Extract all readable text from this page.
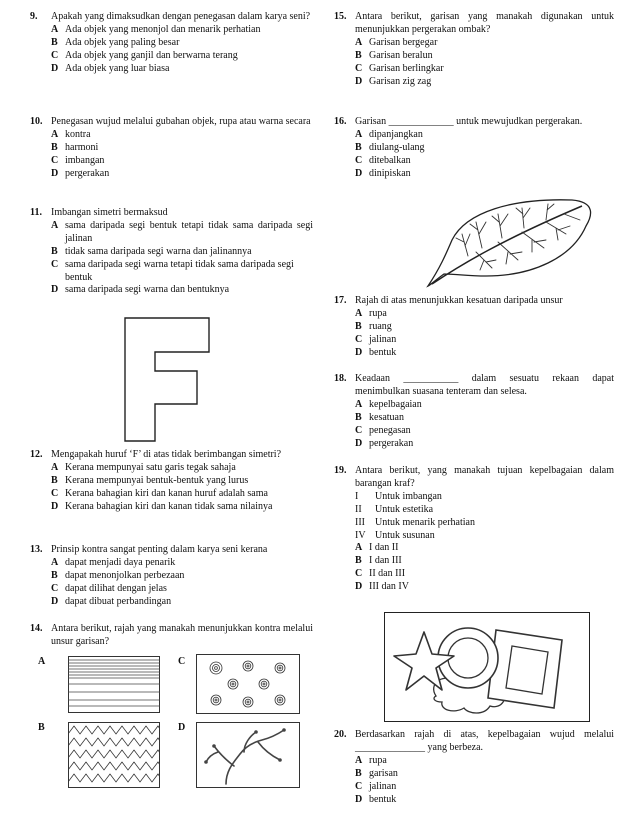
9. Apakah yang dimaksudkan dengan penegasan dalam karya seni?
A Ada objek yang menonjol dan menarik perhatian
B Ada objek yang paling besar
C Ada objek yang ganjil dan berwarna terang
D Ada objek yang luar biasa
10. Penegasan wujud melalui gubahan objek, rupa atau warna secara
A kontra
B harmoni
C imbangan
D pergerakan
11. Imbangan simetri bermaksud
A sama daripada segi bentuk tetapi tidak sama daripada segi jalinan
B tidak sama daripada segi warna dan jalinannya
C sama daripada segi warna tetapi tidak sama daripada segi bentuk
D sama daripada segi warna dan bentuknya
12. Mengapakah huruf ‘F’ di atas tidak berimbangan simetri?
A Kerana mempunyai satu garis tegak sahaja
B Kerana mempunyai bentuk-bentuk yang lurus
C Kerana bahagian kiri dan kanan huruf adalah sama
D Kerana bahagian kiri dan kanan tidak sama nilainya
13. Prinsip kontra sangat penting dalam karya seni kerana
A dapat menjadi daya penarik
B dapat menonjolkan perbezaan
C dapat dilihat dengan jelas
D dapat dibuat perbandingan
14. Antara berikut, rajah yang manakah menunjukkan kontra melalui unsur garisan?
A	C
B	D
15. Antara berikut, garisan yang manakah digunakan untuk menunjukkan pergerakan ombak?
A Garisan bergegar
B Garisan beralun
C Garisan berlingkar
D Garisan zig zag
16. Garisan _____________ untuk mewujudkan pergerakan.
A dipanjangkan
B diulang-ulang
C ditebalkan
D dinipiskan
17. Rajah di atas menunjukkan kesatuan daripada unsur
A rupa
B ruang
C jalinan
D bentuk
18. Keadaan ___________ dalam sesuatu rekaan dapat menimbulkan suasana tenteram dan selesa.
A kepelbagaian
B kesatuan
C penegasan
D pergerakan
19. Antara berikut, yang manakah tujuan kepelbagaian dalam barangan kraf?
I	Untuk imbangan
II	Untuk estetika
III	Untuk menarik perhatian
IV Untuk susunan
A I dan II
B I dan III
C II dan III
D III dan IV
20. Berdasarkan rajah di atas, kepelbagaian wujud melalui ______________ yang berbeza.
A rupa
B garisan
C jalinan
D bentuk
